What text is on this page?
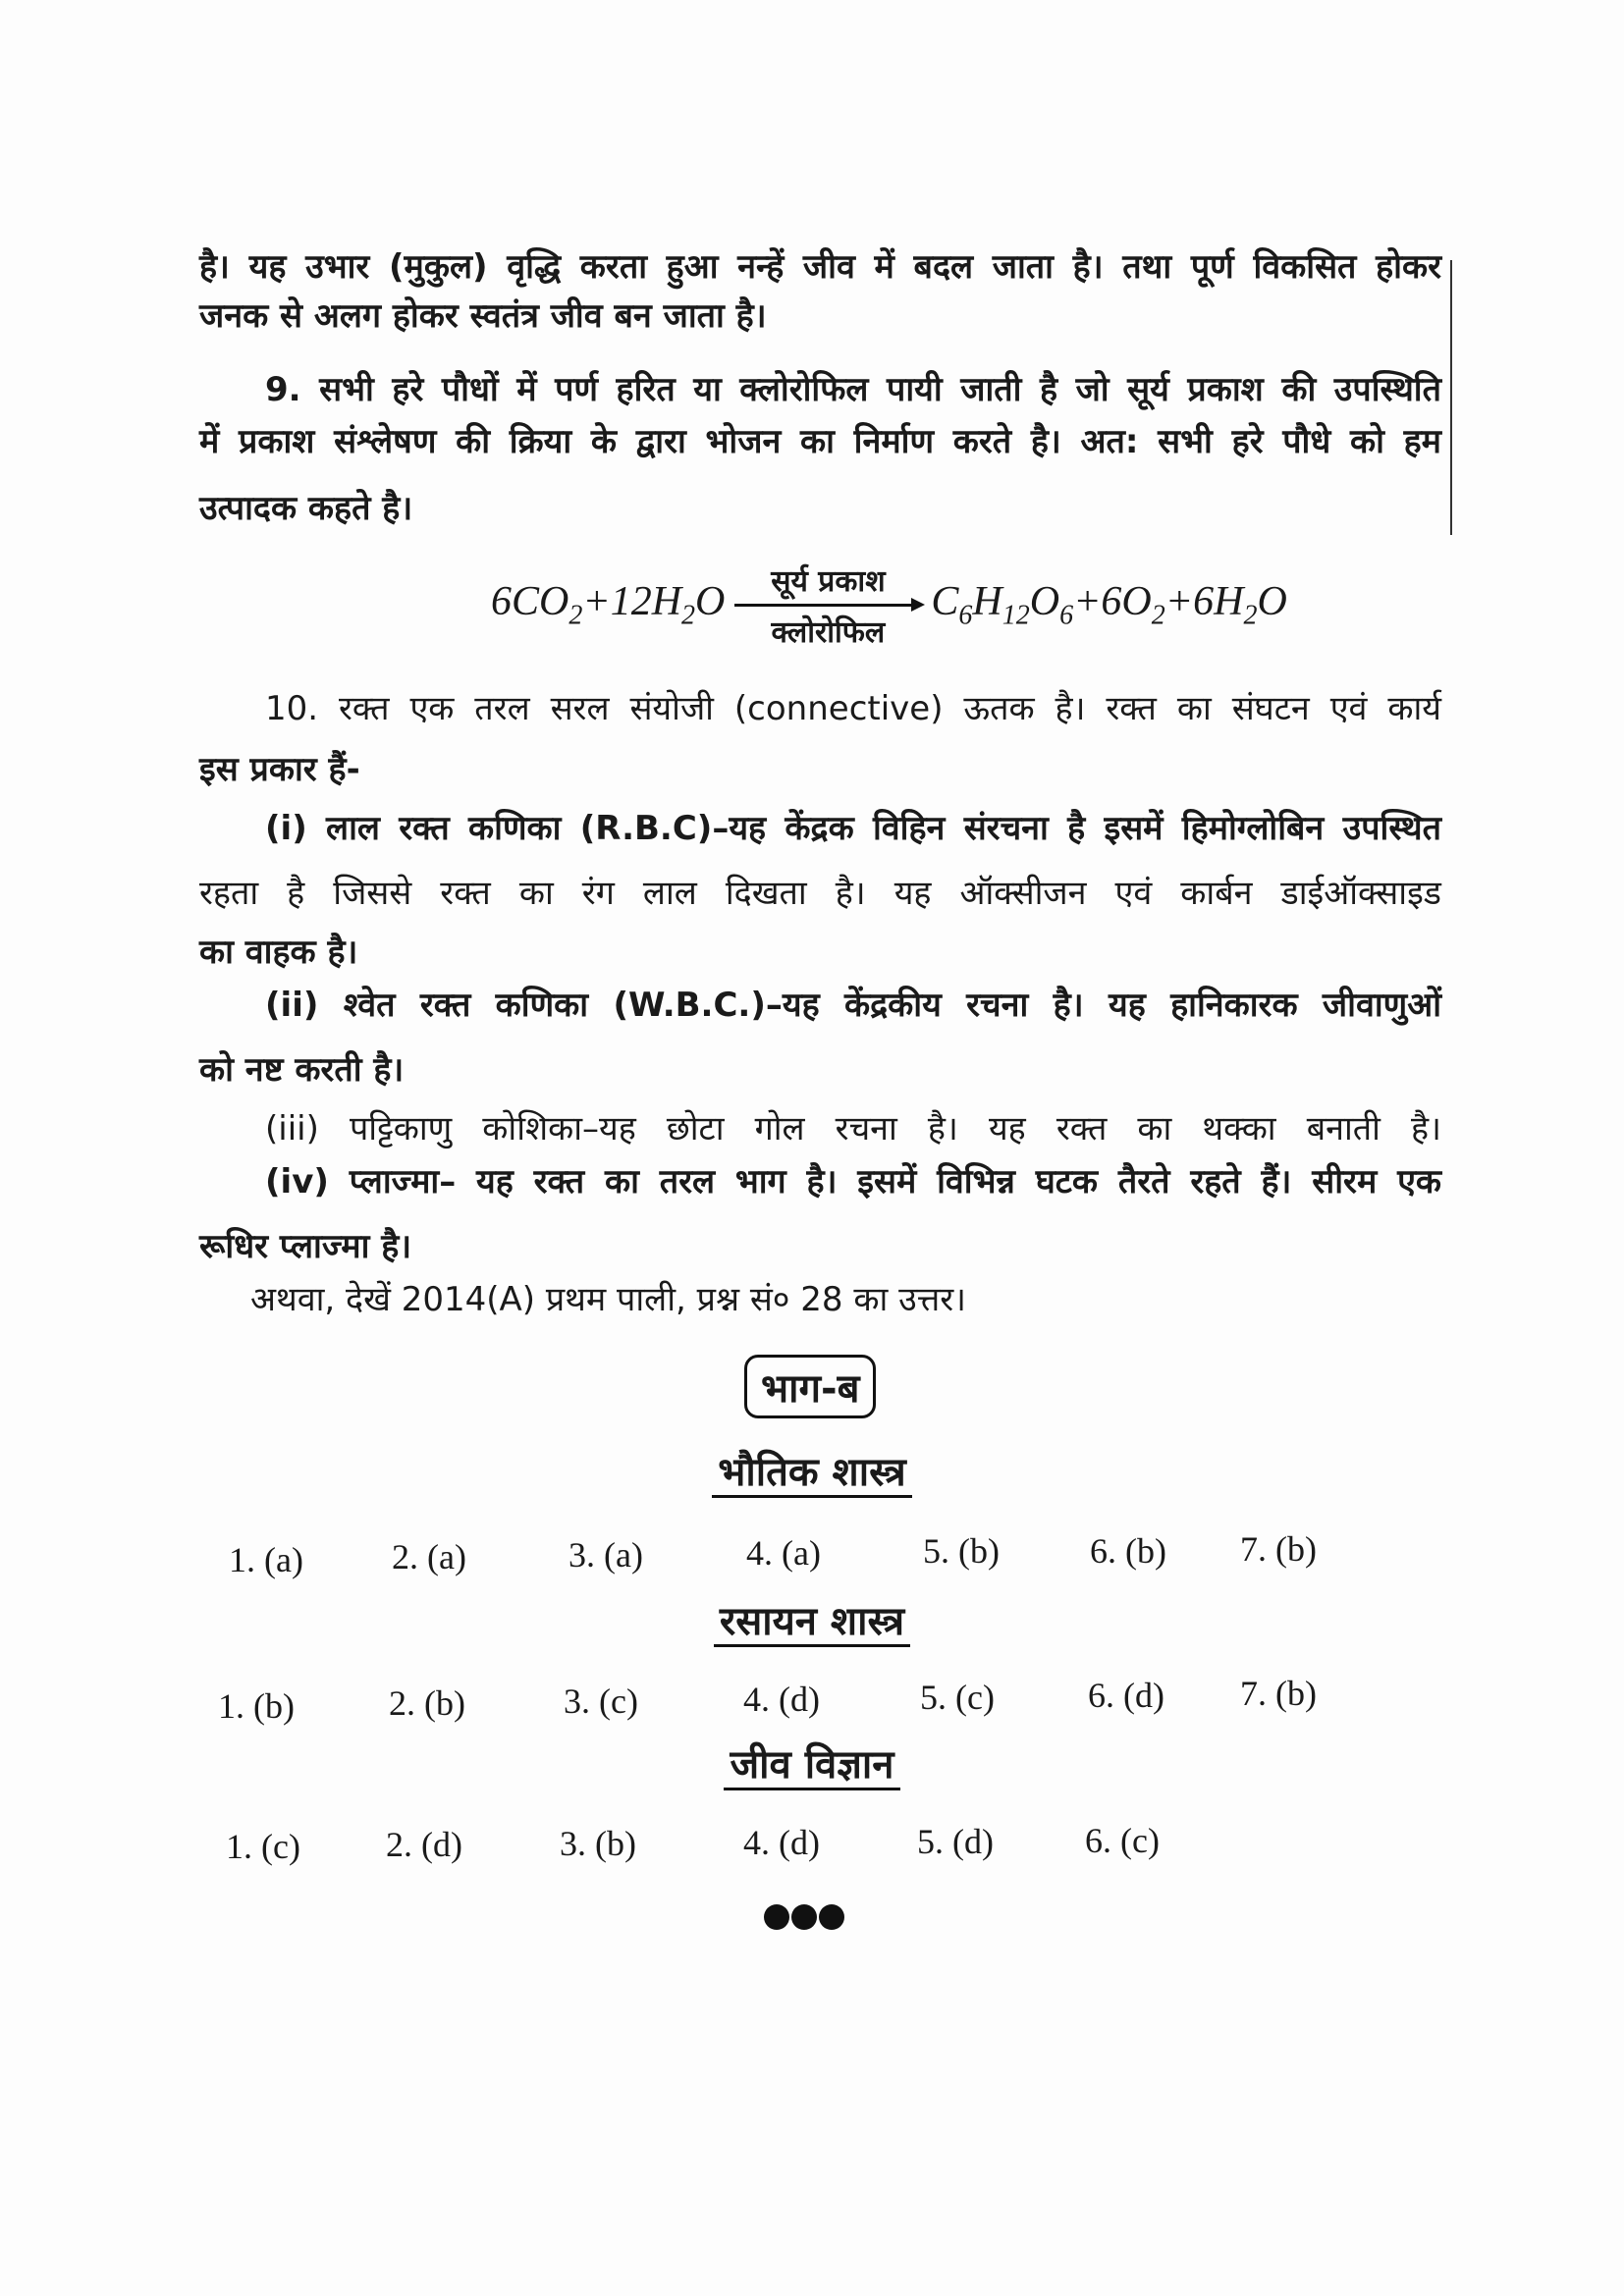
है। यह उभार (मुकुल) वृद्धि करता हुआ नन्हें जीव में बदल जाता है। तथा पूर्ण विकसित होकर
जनक से अलग होकर स्वतंत्र जीव बन जाता है।
9. सभी हरे पौधों में पर्ण हरित या क्लोरोफिल पायी जाती है जो सूर्य प्रकाश की उपस्थिति
में प्रकाश संश्लेषण की क्रिया के द्वारा भोजन का निर्माण करते है। अत: सभी हरे पौधे को हम
उत्पादक कहते है।
$6CO_2+12H_2O$ सूर्य प्रकाश
क्लोरोफिल
$C_6H_{12}O_6+6O_2+6H_2O$
10. रक्त एक तरल सरल संयोजी (connective) ऊतक है। रक्त का संघटन एवं कार्य
इस प्रकार हैं-
(i) लाल रक्त कणिका (R.B.C)–यह केंद्रक विहिन संरचना है इसमें हिमोग्लोबिन उपस्थित
रहता है जिससे रक्त का रंग लाल दिखता है। यह ऑक्सीजन एवं कार्बन डाईऑक्साइड
का वाहक है।
(ii) श्वेत रक्त कणिका (W.B.C.)–यह केंद्रकीय रचना है। यह हानिकारक जीवाणुओं
को नष्ट करती है।
(iii) पट्टिकाणु कोशिका–यह छोटा गोल रचना है। यह रक्त का थक्का बनाती है।
(iv) प्लाज्मा– यह रक्त का तरल भाग है। इसमें विभिन्न घटक तैरते रहते हैं। सीरम एक
रूधिर प्लाज्मा है।
अथवा, देखें 2014(A) प्रथम पाली, प्रश्न सं० 28 का उत्तर।
भाग-ब
भौतिक शास्त्र
1. (a)	2. (a)	3. (a)	4. (a)	5. (b)	6. (b) 7. (b)
रसायन शास्त्र
1. (b)	2. (b)	3. (c)	4. (d)	5. (c)	6. (d) 7. (b)
जीव विज्ञान
1. (c) 2. (d)	3. (b)	4. (d)	5. (d)	6. (c)
